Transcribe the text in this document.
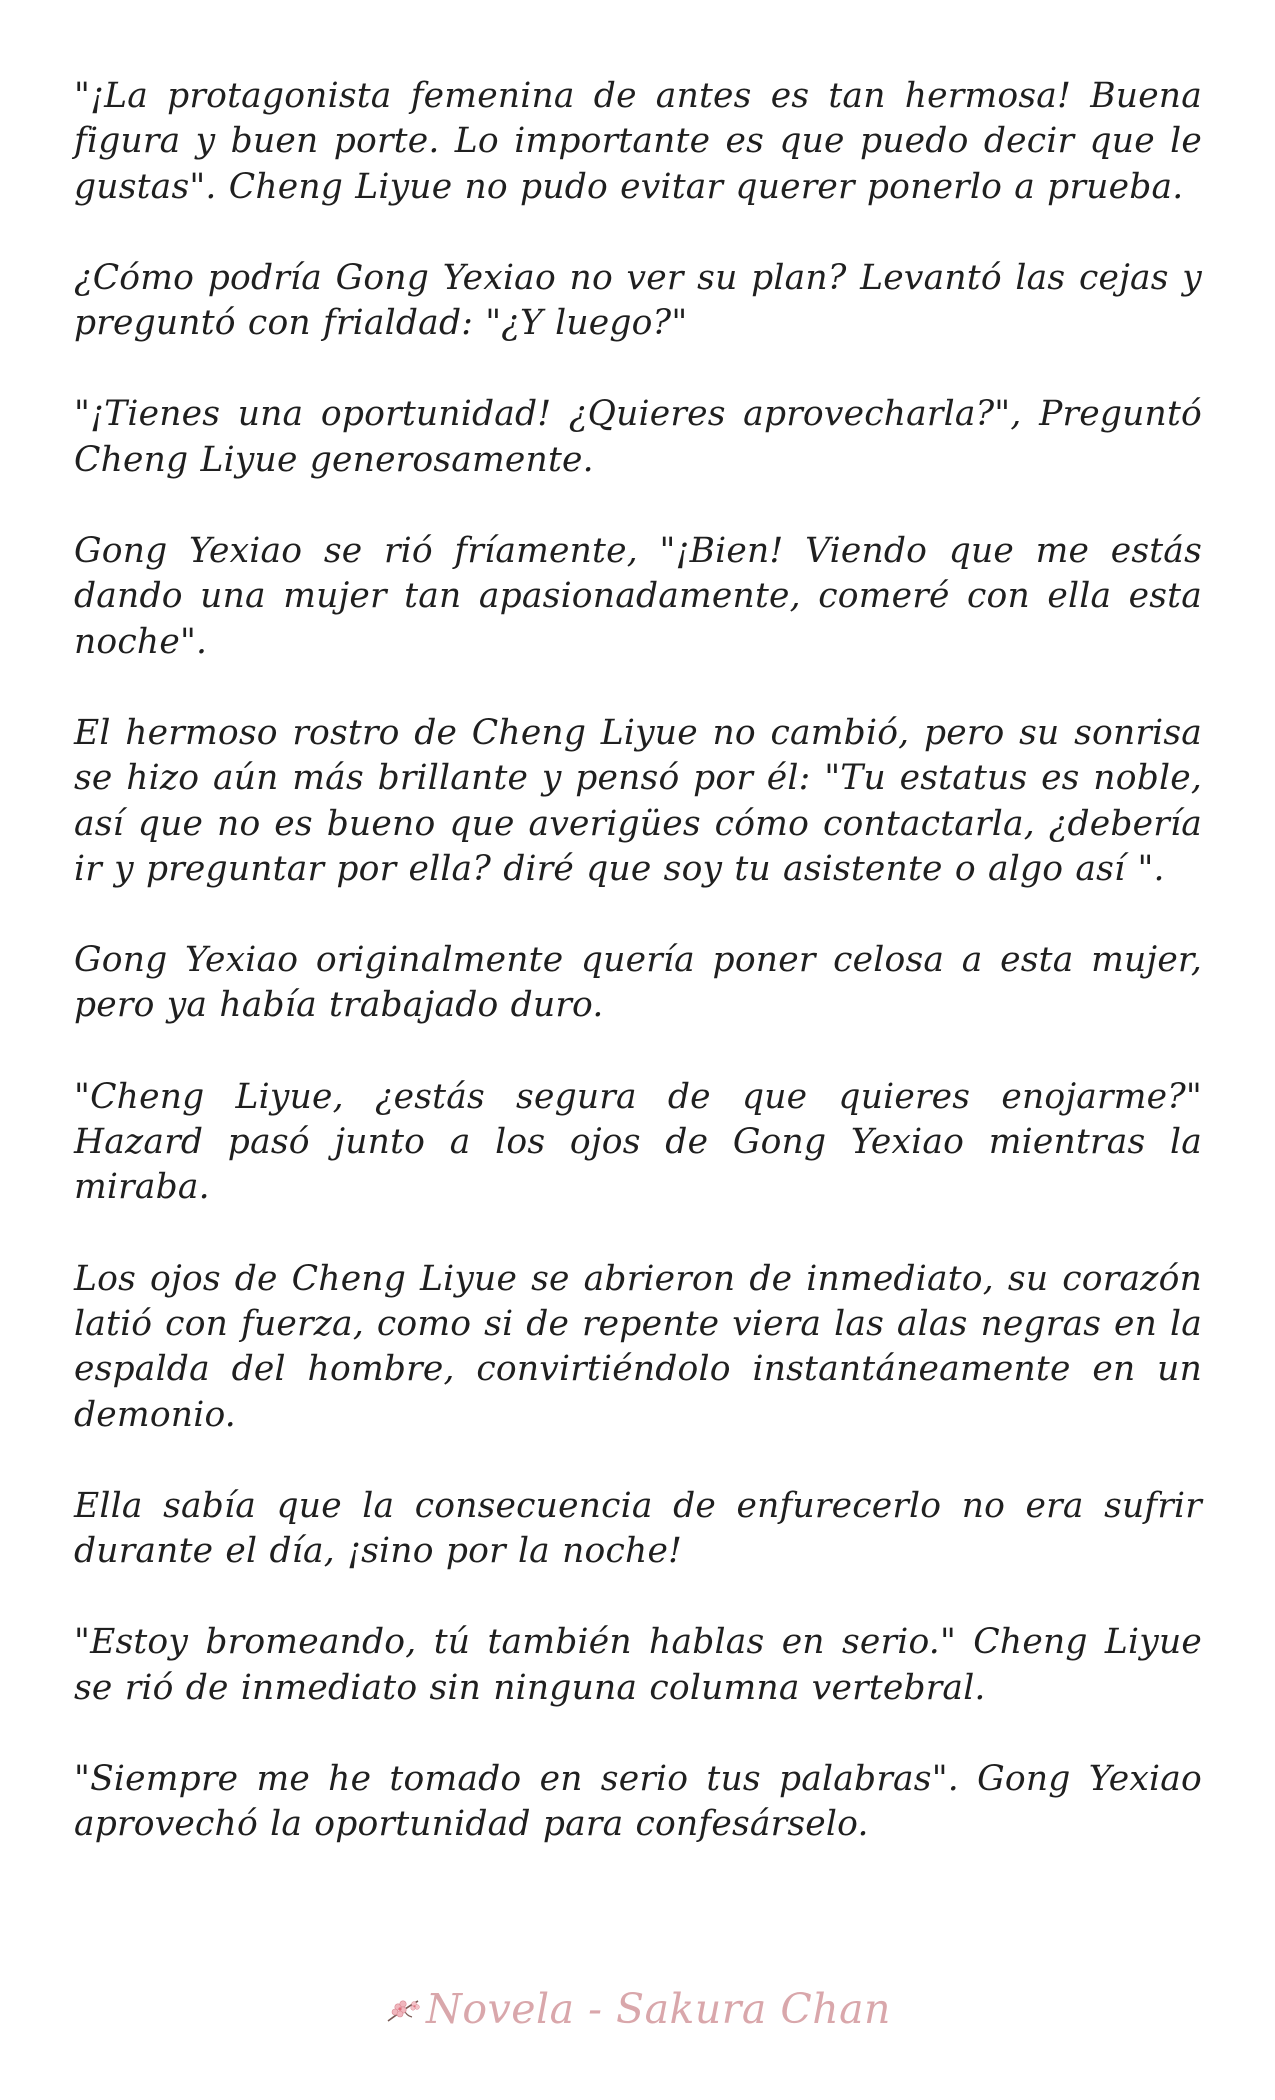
"¡La protagonista femenina de antes es tan hermosa! Buena figura y buen porte. Lo importante es que puedo decir que le gustas". Cheng Liyue no pudo evitar querer ponerlo a prueba.

¿Cómo podría Gong Yexiao no ver su plan? Levantó las cejas y preguntó con frialdad: "¿Y luego?"

"¡Tienes una oportunidad! ¿Quieres aprovecharla?", Preguntó Cheng Liyue generosamente.

Gong Yexiao se rió fríamente, "¡Bien! Viendo que me estás dando una mujer tan apasionadamente, comeré con ella esta noche".

El hermoso rostro de Cheng Liyue no cambió, pero su sonrisa se hizo aún más brillante y pensó por él: "Tu estatus es noble, así que no es bueno que averigües cómo contactarla, ¿debería ir y preguntar por ella? diré que soy tu asistente o algo así ".

Gong Yexiao originalmente quería poner celosa a esta mujer, pero ya había trabajado duro.

"Cheng Liyue, ¿estás segura de que quieres enojarme?" Hazard pasó junto a los ojos de Gong Yexiao mientras la miraba.

Los ojos de Cheng Liyue se abrieron de inmediato, su corazón latió con fuerza, como si de repente viera las alas negras en la espalda del hombre, convirtiéndolo instantáneamente en un demonio.

Ella sabía que la consecuencia de enfurecerlo no era sufrir durante el día, ¡sino por la noche!

"Estoy bromeando, tú también hablas en serio." Cheng Liyue se rió de inmediato sin ninguna columna vertebral.

"Siempre me he tomado en serio tus palabras". Gong Yexiao aprovechó la oportunidad para confesárselo.

Novela - Sakura Chan
